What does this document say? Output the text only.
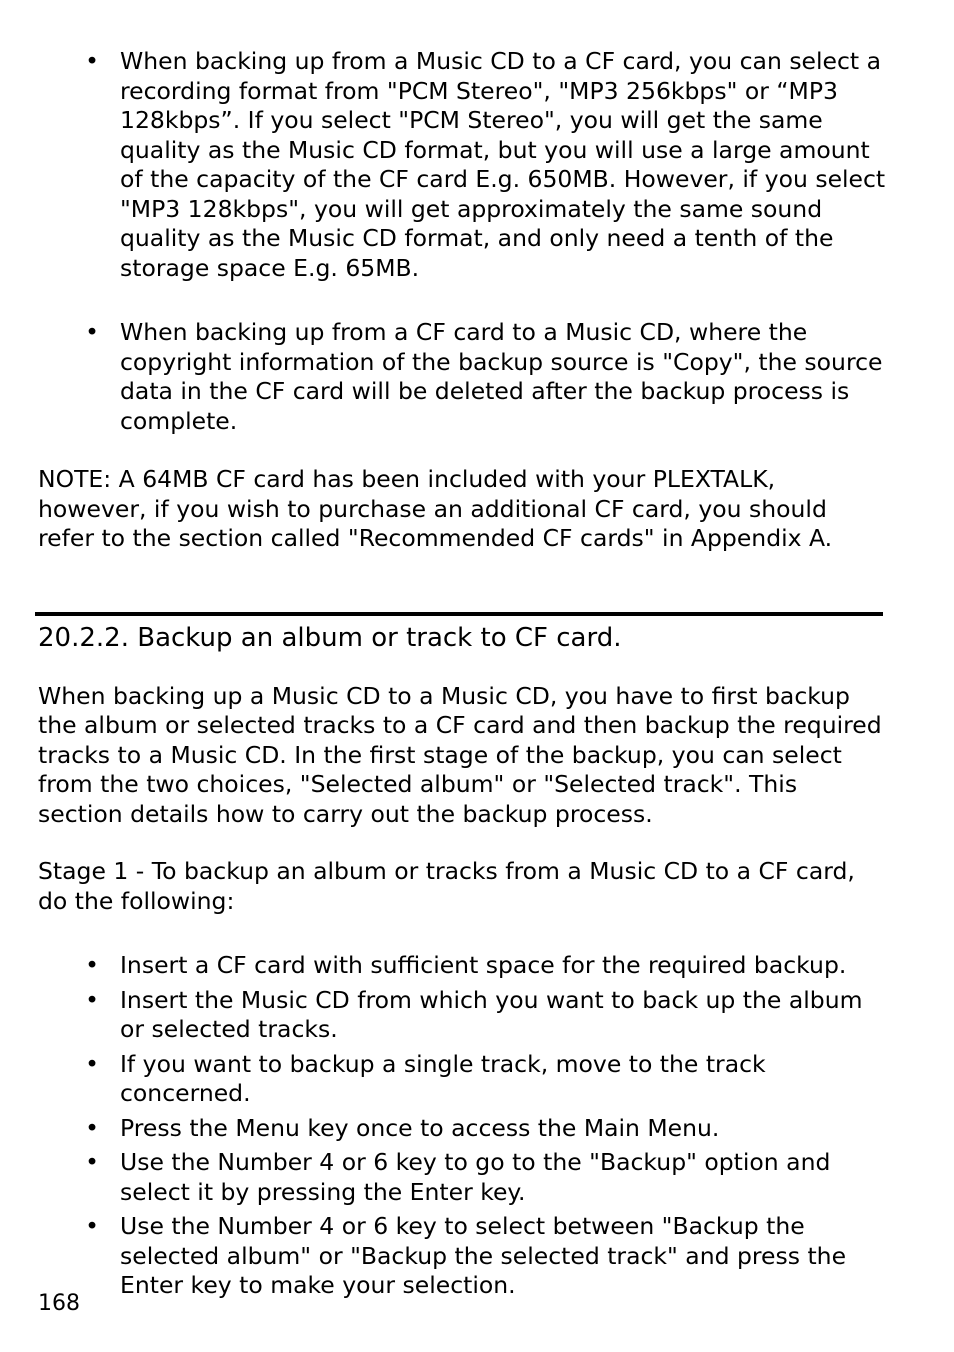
• When backing up from a Music CD to a CF card, you can select a recording format from "PCM Stereo", "MP3 256kbps" or “MP3 128kbps”. If you select "PCM Stereo", you will get the same quality as the Music CD format, but you will use a large amount of the capacity of the CF card E.g. 650MB. However, if you select "MP3 128kbps", you will get approximately the same sound quality as the Music CD format, and only need a tenth of the storage space E.g. 65MB.
• When backing up from a CF card to a Music CD, where the copyright information of the backup source is "Copy", the source data in the CF card will be deleted after the backup process is complete.

NOTE: A 64MB CF card has been included with your PLEXTALK, however, if you wish to purchase an additional CF card, you should refer to the section called "Recommended CF cards" in Appendix A.

20.2.2. Backup an album or track to CF card.

When backing up a Music CD to a Music CD, you have to first backup the album or selected tracks to a CF card and then backup the required tracks to a Music CD. In the first stage of the backup, you can select from the two choices, "Selected album" or "Selected track". This section details how to carry out the backup process.

Stage 1 - To backup an album or tracks from a Music CD to a CF card, do the following:

• Insert a CF card with sufficient space for the required backup.
• Insert the Music CD from which you want to back up the album or selected tracks.
• If you want to backup a single track, move to the track concerned.
• Press the Menu key once to access the Main Menu.
• Use the Number 4 or 6 key to go to the "Backup" option and select it by pressing the Enter key.
• Use the Number 4 or 6 key to select between "Backup the selected album" or "Backup the selected track" and press the Enter key to make your selection.
168
